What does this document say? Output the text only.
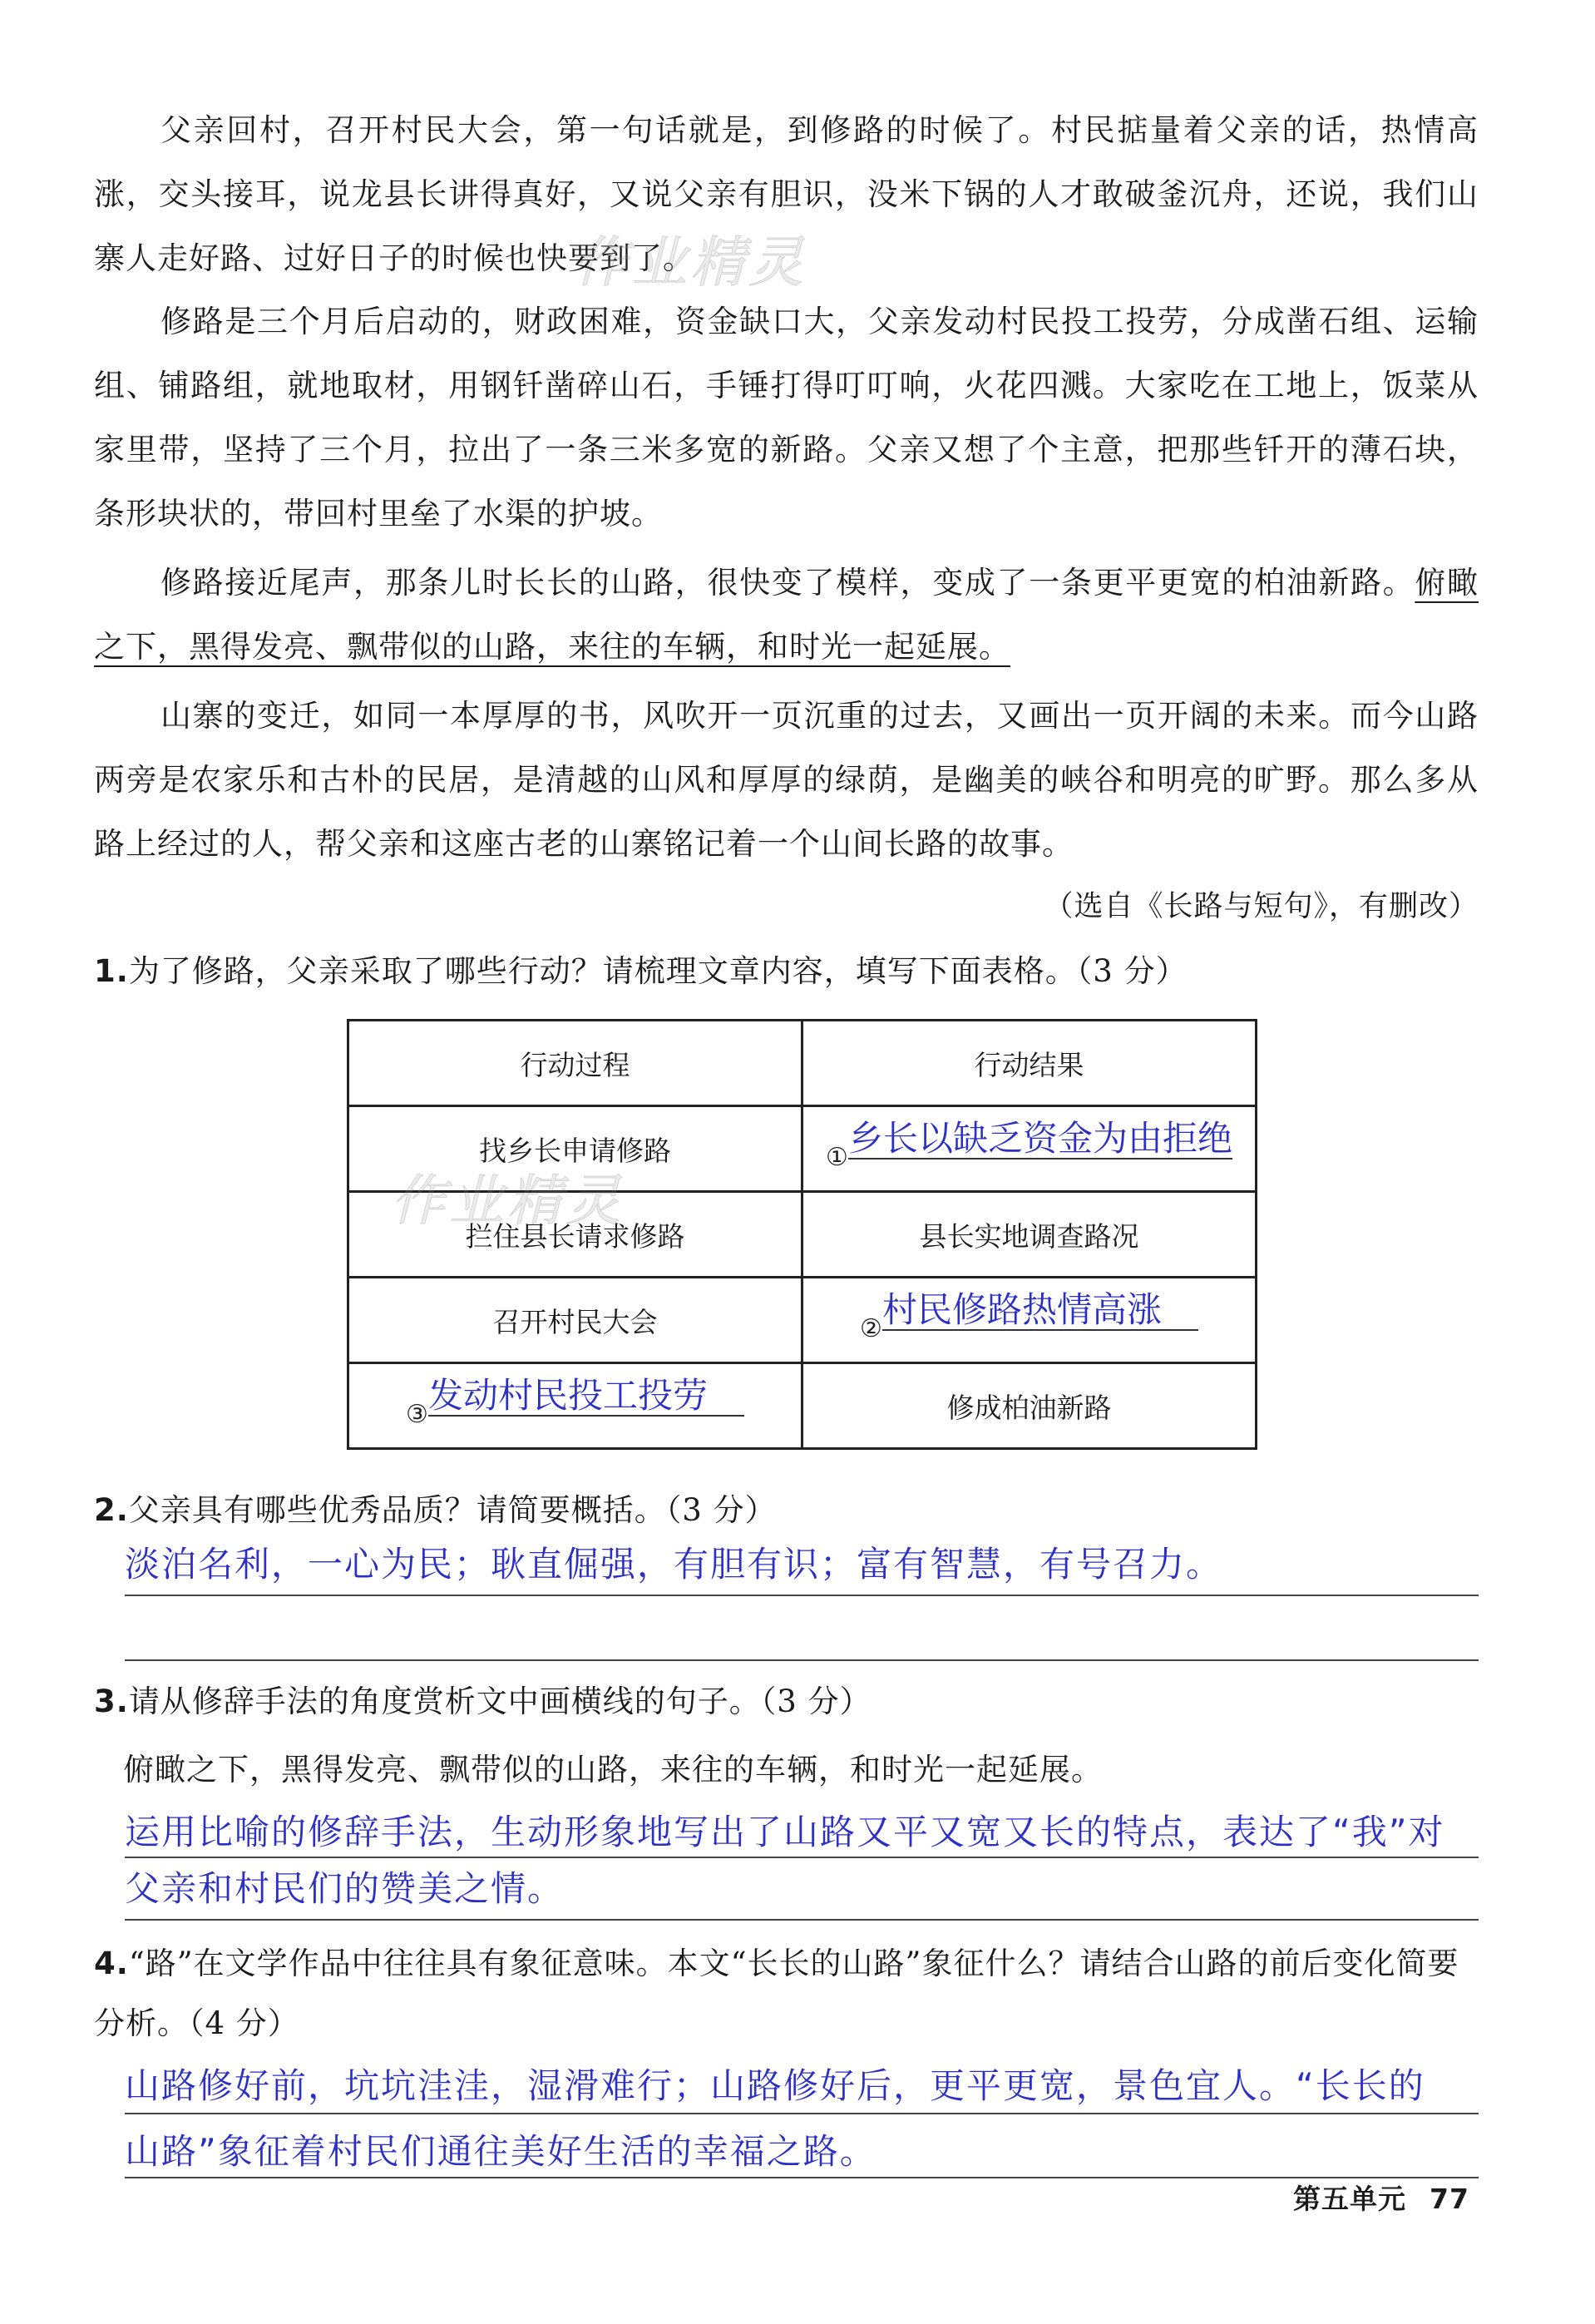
父亲回村，召开村民大会，第一句话就是，到修路的时候了。村民掂量着父亲的话，热情高涨，交头接耳，说龙县长讲得真好，又说父亲有胆识，没米下锅的人才敢破釜沉舟，还说，我们山寨人走好路、过好日子的时候也快要到了。

修路是三个月后启动的，财政困难，资金缺口大，父亲发动村民投工投劳，分成凿石组、运输组、铺路组，就地取材，用钢钎凿碎山石，手锤打得叮叮响，火花四溅。大家吃在工地上，饭菜从家里带，坚持了三个月，拉出了一条三米多宽的新路。父亲又想了个主意，把那些钎开的薄石块，条形块状的，带回村里垒了水渠的护坡。

修路接近尾声，那条儿时长长的山路，很快变了模样，变成了一条更平更宽的柏油新路。俯瞰之下，黑得发亮、飘带似的山路，来往的车辆，和时光一起延展。

山寨的变迁，如同一本厚厚的书，风吹开一页沉重的过去，又画出一页开阔的未来。而今山路两旁是农家乐和古朴的民居，是清越的山风和厚厚的绿荫，是幽美的峡谷和明亮的旷野。那么多从路上经过的人，帮父亲和这座古老的山寨铭记着一个山间长路的故事。

（选自《长路与短句》，有删改）

1.为了修路，父亲采取了哪些行动？请梳理文章内容，填写下面表格。（3 分）

行动过程	行动结果
找乡长申请修路	①乡长以缺乏资金为由拒绝
拦住县长请求修路	县长实地调查路况
召开村民大会	②村民修路热情高涨
③发动村民投工投劳	修成柏油新路

2.父亲具有哪些优秀品质？请简要概括。（3 分）

淡泊名利，一心为民；耿直倔强，有胆有识；富有智慧，有号召力。

3.请从修辞手法的角度赏析文中画横线的句子。（3 分）

俯瞰之下，黑得发亮、飘带似的山路，来往的车辆，和时光一起延展。
运用比喻的修辞手法，生动形象地写出了山路又平又宽又长的特点，表达了“我”对
父亲和村民们的赞美之情。

4.“路”在文学作品中往往具有象征意味。本文“长长的山路”象征什么？请结合山路的前后变化简要分析。（4 分）

山路修好前，坑坑洼洼，湿滑难行；山路修好后，更平更宽，景色宜人。“长长的
山路”象征着村民们通往美好生活的幸福之路。
第五单元 77
作业精灵
作业精灵
